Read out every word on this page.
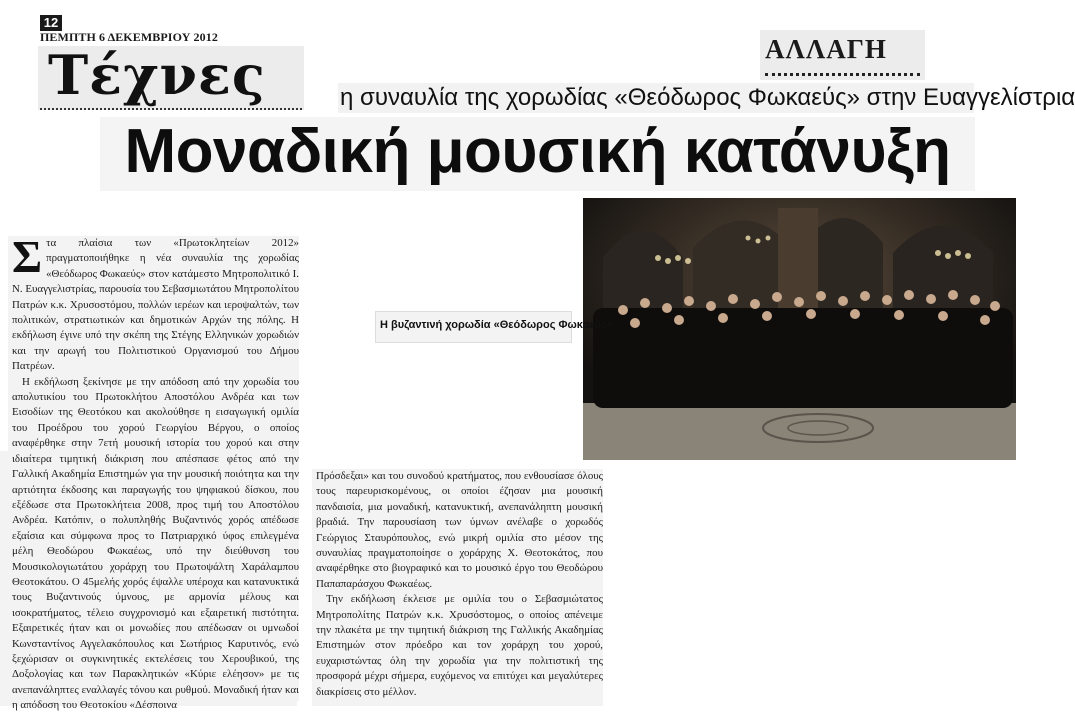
12
ΠΕΜΠΤΗ 6 ΔΕΚΕΜΒΡΙΟΥ 2012
Τέχνες	ΑΛΛΑΓΗ
η συναυλία της χορωδίας «Θεόδωρος Φωκαεύς» στην Ευαγγελίστρια
Μοναδική μουσική κατάνυξη
Η βυζαντινή χορωδία «Θεόδωρος Φωκαεύς»
Σ τα πλαίσια των «Πρωτοκλητείων 2012» πραγματοποιήθηκε η νέα συναυλία της χορωδίας «Θεόδωρος Φωκαεύς» στον κατάμεστο Μητροπολιτικό Ι. Ν. Ευαγγελιστρίας, παρουσία του Σεβασμιωτάτου Μητροπολίτου Πατρών κ.κ. Χρυσοστόμου, πολλών ιερέων και ιεροψαλτών, των πολιτικών, στρατιωτικών και δημοτικών Αρχών της πόλης. Η εκδήλωση έγινε υπό την σκέπη της Στέγης Ελληνικών χορωδιών και την αρωγή του Πολιτιστικού Οργανισμού του Δήμου Πατρέων.

Η εκδήλωση ξεκίνησε με την απόδοση από την χορωδία του απολυτικίου του Πρωτοκλήτου Αποστόλου Ανδρέα και των Εισοδίων της Θεοτόκου και ακολούθησε η εισαγωγική ομιλία του Προέδρου του χορού Γεωργίου Βέργου, ο οποίος αναφέρθηκε στην 7ετή μουσική ιστορία του χορού και στην ιδιαίτερα τιμητική διάκριση που απέσπασε φέτος από την Γαλλική Ακαδημία Επιστημών για την μουσική ποιότητα και την αρτιότητα έκδοσης και παραγωγής του ψηφιακού δίσκου, που εξέδωσε στα Πρωτοκλήτεια 2008, προς τιμή του Αποστόλου Ανδρέα. Κατόπιν, ο πολυπληθής Βυζαντινός χορός απέδωσε εξαίσια και σύμφωνα προς το Πατριαρχικό ύφος επιλεγμένα μέλη Θεοδώρου Φωκαέως, υπό την διεύθυνση του Μουσικολογιωτάτου χοράρχη του Πρωτοψάλτη Χαράλαμπου Θεοτοκάτου. Ο 45μελής χορός έψαλλε υπέροχα και κατανυκτικά τους Βυζαντινούς ύμνους, με αρμονία μέλους και ισοκρατήματος, τέλειο συγχρονισμό και εξαιρετική πιστότητα. Εξαιρετικές ήταν και οι μονωδίες που απέδωσαν οι υμνωδοί Κωνσταντίνος Αγγελακόπουλος και Σωτήριος Καρυτινός, ενώ ξεχώρισαν οι συγκινητικές εκτελέσεις του Χερουβικού, της Δοξολογίας και των Παρακλητικών «Κύριε ελέησον» με τις ανεπανάληπτες εναλλαγές τόνου και ρυθμού. Μοναδική ήταν και η απόδοση του Θεοτοκίου «Δέσποινα

Πρόσδεξαι» και του συνοδού κρατήματος, που ενθουσίασε όλους τους παρευρισκομένους, οι οποίοι έζησαν μια μουσική πανδαισία, μια μοναδική, κατανυκτική, ανεπανάληπτη μουσική βραδιά. Την παρουσίαση των ύμνων ανέλαβε ο χορωδός Γεώργιος Σταυρόπουλος, ενώ μικρή ομιλία στο μέσον της συναυλίας πραγματοποίησε ο χοράρχης Χ. Θεοτοκάτος, που αναφέρθηκε στο βιογραφικό και το μουσικό έργο του Θεοδώρου Παπαπαράσχου Φωκαέως.

Την εκδήλωση έκλεισε με ομιλία του ο Σεβασμιώτατος Μητροπολίτης Πατρών κ.κ. Χρυσόστομος, ο οποίος απένειμε την πλακέτα με την τιμητική διάκριση της Γαλλικής Ακαδημίας Επιστημών στον πρόεδρο και τον χοράρχη του χορού, ευχαριστώντας όλη την χορωδία για την πολιτιστική της προσφορά μέχρι σήμερα, ευχόμενος να επιτύχει και μεγαλύτερες διακρίσεις στο μέλλον.
